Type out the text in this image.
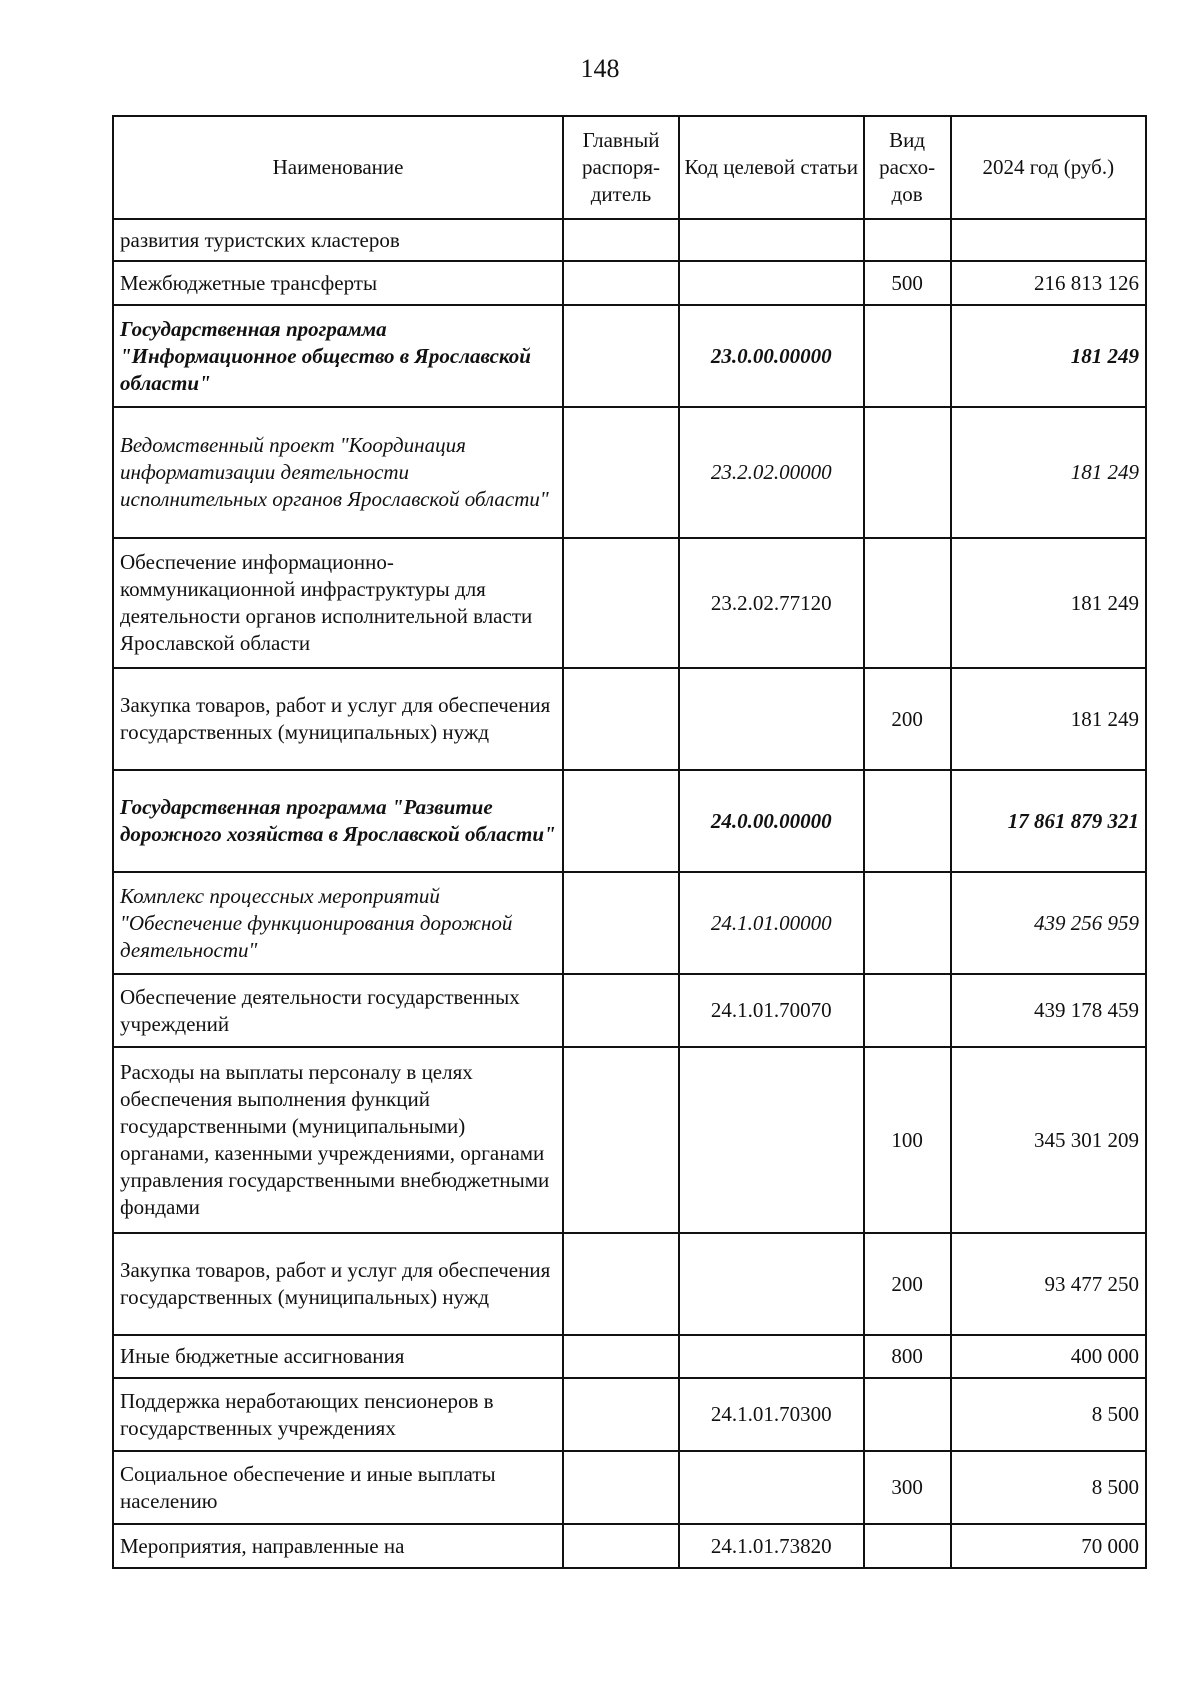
148
Наименование	Главный распоря- дитель	Код целевой статьи	Вид расхо- дов	2024 год (руб.)
развития туристских кластеров				
Межбюджетные трансферты			500	216 813 126
Государственная программа "Информационное общество в Ярославской области"		23.0.00.00000		181 249
Ведомственный проект "Координация информатизации деятельности исполнительных органов Ярославской области"		23.2.02.00000		181 249
Обеспечение информационно-коммуникационной инфраструктуры для деятельности органов исполнительной власти Ярославской области		23.2.02.77120		181 249
Закупка товаров, работ и услуг для обеспечения государственных (муниципальных) нужд			200	181 249
Государственная программа "Развитие дорожного хозяйства в Ярославской области"		24.0.00.00000		17 861 879 321
Комплекс процессных мероприятий "Обеспечение функционирования дорожной деятельности"		24.1.01.00000		439 256 959
Обеспечение деятельности государственных учреждений		24.1.01.70070		439 178 459
Расходы на выплаты персоналу в целях обеспечения выполнения функций государственными (муниципальными) органами, казенными учреждениями, органами управления государственными внебюджетными фондами			100	345 301 209
Закупка товаров, работ и услуг для обеспечения государственных (муниципальных) нужд			200	93 477 250
Иные бюджетные ассигнования			800	400 000
Поддержка неработающих пенсионеров в государственных учреждениях		24.1.01.70300		8 500
Социальное обеспечение и иные выплаты населению			300	8 500
Мероприятия, направленные на		24.1.01.73820		70 000
